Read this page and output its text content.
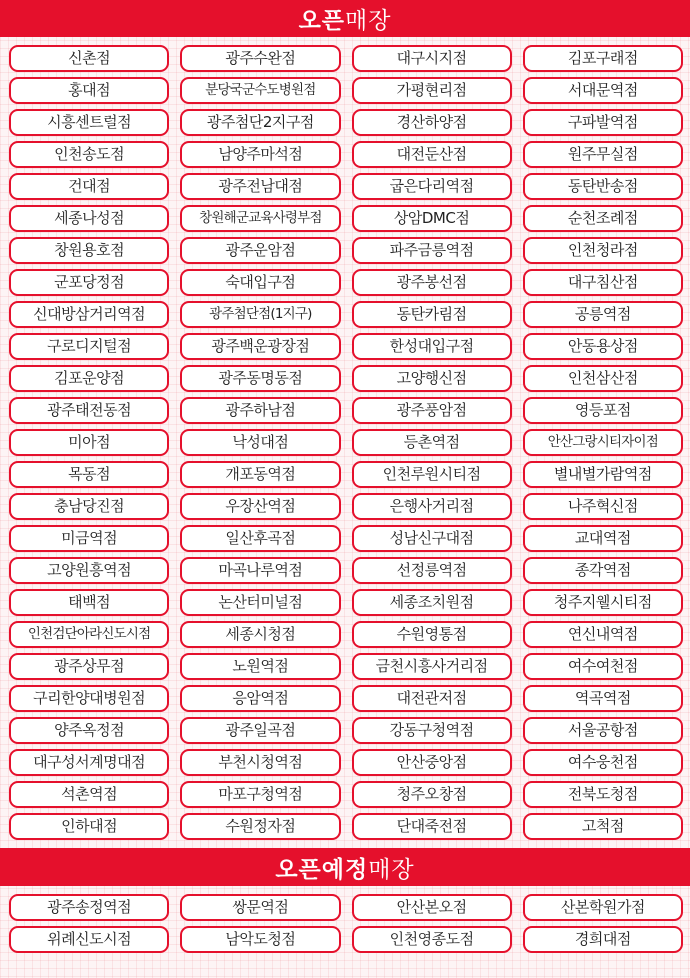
오픈 매장
신촌점	광주수완점	대구시지점	김포구래점
홍대점	분당국군수도병원점	가평현리점	서대문역점
시흥센트럴점	광주첨단2지구점	경산하양점	구파발역점
인천송도점	남양주마석점	대전둔산점	원주무실점
건대점	광주전남대점	굽은다리역점	동탄반송점
세종나성점	창원해군교육사령부점	상암DMC점	순천조례점
창원용호점	광주운암점	파주금릉역점	인천청라점
군포당정점	숙대입구점	광주봉선점	대구침산점
신대방삼거리역점	광주첨단점(1지구)	동탄카림점	공릉역점
구로디지털점	광주백운광장점	한성대입구점	안동용상점
김포운양점	광주동명동점	고양행신점	인천삼산점
광주태전동점	광주하남점	광주풍암점	영등포점
미아점	낙성대점	등촌역점	안산그랑시티자이점
목동점	개포동역점	인천루원시티점	별내별가람역점
충남당진점	우장산역점	은행사거리점	나주혁신점
미금역점	일산후곡점	성남신구대점	교대역점
고양원흥역점	마곡나루역점	선정릉역점	종각역점
태백점	논산터미널점	세종조치원점	청주지웰시티점
인천검단아라신도시점	세종시청점	수원영통점	연신내역점
광주상무점	노원역점	금천시흥사거리점	여수여천점
구리한양대병원점	응암역점	대전관저점	역곡역점
양주옥정점	광주일곡점	강동구청역점	서울공항점
대구성서계명대점	부천시청역점	안산중앙점	여수웅천점
석촌역점	마포구청역점	청주오창점	전북도청점
인하대점	수원정자점	단대죽전점	고척점
오픈예정 매장
광주송정역점	쌍문역점	안산본오점	산본학원가점
위례신도시점	남악도청점	인천영종도점	경희대점
